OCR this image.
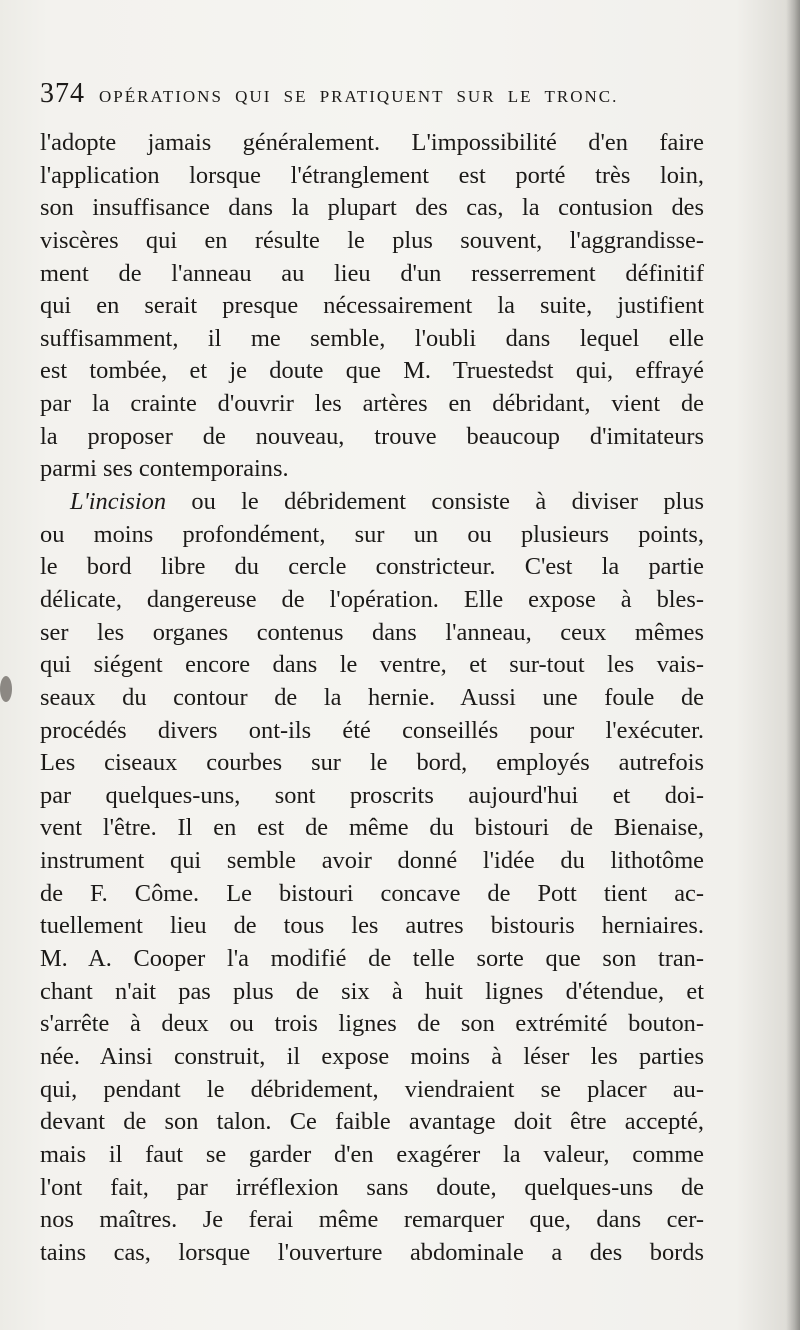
374 OPÉRATIONS QUI SE PRATIQUENT SUR LE TRONC.
l'adopte jamais généralement. L'impossibilité d'en faire
l'application lorsque l'étranglement est porté très loin,
son insuffisance dans la plupart des cas, la contusion des
viscères qui en résulte le plus souvent, l'aggrandisse-
ment de l'anneau au lieu d'un resserrement définitif
qui en serait presque nécessairement la suite, justifient
suffisamment, il me semble, l'oubli dans lequel elle
est tombée, et je doute que M. Truestedst qui, effrayé
par la crainte d'ouvrir les artères en débridant, vient de
la proposer de nouveau, trouve beaucoup d'imitateurs
parmi ses contemporains.
L'incision ou le débridement consiste à diviser plus
ou moins profondément, sur un ou plusieurs points,
le bord libre du cercle constricteur. C'est la partie
délicate, dangereuse de l'opération. Elle expose à bles-
ser les organes contenus dans l'anneau, ceux mêmes
qui siégent encore dans le ventre, et sur-tout les vais-
seaux du contour de la hernie. Aussi une foule de
procédés divers ont-ils été conseillés pour l'exécuter.
Les ciseaux courbes sur le bord, employés autrefois
par quelques-uns, sont proscrits aujourd'hui et doi-
vent l'être. Il en est de même du bistouri de Bienaise,
instrument qui semble avoir donné l'idée du lithotôme
de F. Côme. Le bistouri concave de Pott tient ac-
tuellement lieu de tous les autres bistouris herniaires.
M. A. Cooper l'a modifié de telle sorte que son tran-
chant n'ait pas plus de six à huit lignes d'étendue, et
s'arrête à deux ou trois lignes de son extrémité bouton-
née. Ainsi construit, il expose moins à léser les parties
qui, pendant le débridement, viendraient se placer au-
devant de son talon. Ce faible avantage doit être accepté,
mais il faut se garder d'en exagérer la valeur, comme
l'ont fait, par irréflexion sans doute, quelques-uns de
nos maîtres. Je ferai même remarquer que, dans cer-
tains cas, lorsque l'ouverture abdominale a des bords
